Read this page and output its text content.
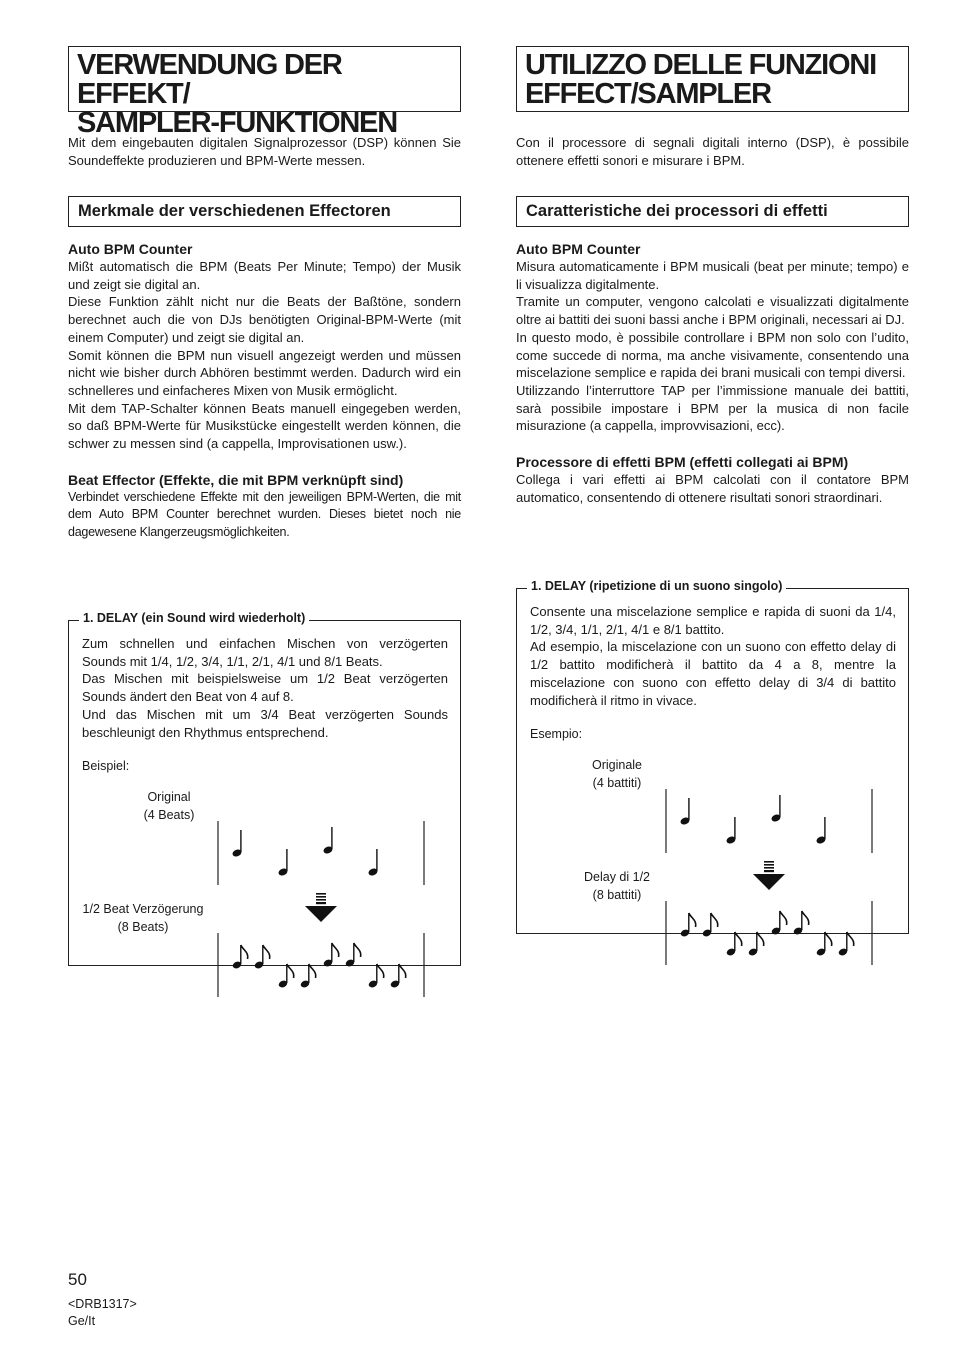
VERWENDUNG DER EFFEKT/
SAMPLER-FUNKTIONEN
Mit dem eingebauten digitalen Signalprozessor (DSP) können Sie Soundeffekte produzieren und BPM-Werte messen.
Merkmale der verschiedenen Effectoren
Auto BPM Counter

Mißt automatisch die BPM (Beats Per Minute; Tempo) der Musik und zeigt sie digital an.

Diese Funktion zählt nicht nur die Beats der Baßtöne, sondern berechnet auch die von DJs benötigten Original-BPM-Werte (mit einem Computer) und zeigt sie digital an.

Somit können die BPM nun visuell angezeigt werden und müssen nicht wie bisher durch Abhören bestimmt werden. Dadurch wird ein schnelleres und einfacheres Mixen von Musik ermöglicht.

Mit dem TAP-Schalter können Beats manuell eingegeben werden, so daß BPM-Werte für Musikstücke eingestellt werden können, die schwer zu messen sind (a cappella, Improvisationen usw.).

Beat Effector (Effekte, die mit BPM verknüpft sind)

Verbindet verschiedene Effekte mit den jeweiligen BPM-Werten, die mit dem Auto BPM Counter berechnet wurden. Dieses bietet noch nie dagewesene Klangerzeugsmöglichkeiten.

1. DELAY (ein Sound wird wiederholt)

Zum schnellen und einfachen Mischen von verzögerten Sounds mit 1/4, 1/2, 3/4, 1/1, 2/1, 4/1 und 8/1 Beats.

Das Mischen mit beispielsweise um 1/2 Beat verzögerten Sounds ändert den Beat von 4 auf 8.

Und das Mischen mit um 3/4 Beat verzögerten Sounds beschleunigt den Rhythmus entsprechend.

Beispiel:
Original
(4 Beats)
1/2 Beat Verzögerung
(8 Beats)
UTILIZZO DELLE FUNZIONI
EFFECT/SAMPLER
Con il processore di segnali digitali interno (DSP), è possibile ottenere effetti sonori e misurare i BPM.
Caratteristiche dei processori di effetti
Auto BPM Counter

Misura automaticamente i BPM musicali (beat per minute; tempo) e li visualizza digitalmente.

Tramite un computer, vengono calcolati e visualizzati digitalmente oltre ai battiti dei suoni bassi anche i BPM originali, necessari ai DJ.

In questo modo, è possibile controllare i BPM non solo con l’udito, come succede di norma, ma anche visivamente, consentendo una miscelazione semplice e rapida dei brani musicali con tempi diversi.

Utilizzando l’interruttore TAP per l’immissione manuale dei battiti, sarà possibile impostare i BPM per la musica di non facile misurazione (a cappella, improvvisazioni, ecc).

Processore di effetti BPM (effetti collegati ai BPM)

Collega i vari effetti ai BPM calcolati con il contatore BPM automatico, consentendo di ottenere risultati sonori straordinari.

1. DELAY (ripetizione di un suono singolo)

Consente una miscelazione semplice e rapida di suoni da 1/4, 1/2, 3/4, 1/1, 2/1, 4/1 e 8/1 battito.

Ad esempio, la miscelazione con un suono con effetto delay di 1/2 battito modificherà il battito da 4 a 8, mentre la miscelazione con suono con effetto delay di 3/4 di battito modificherà il ritmo in vivace.

Esempio:
Originale
(4 battiti)
Delay di 1/2
(8 battiti)
50
<DRB1317>
Ge/It
